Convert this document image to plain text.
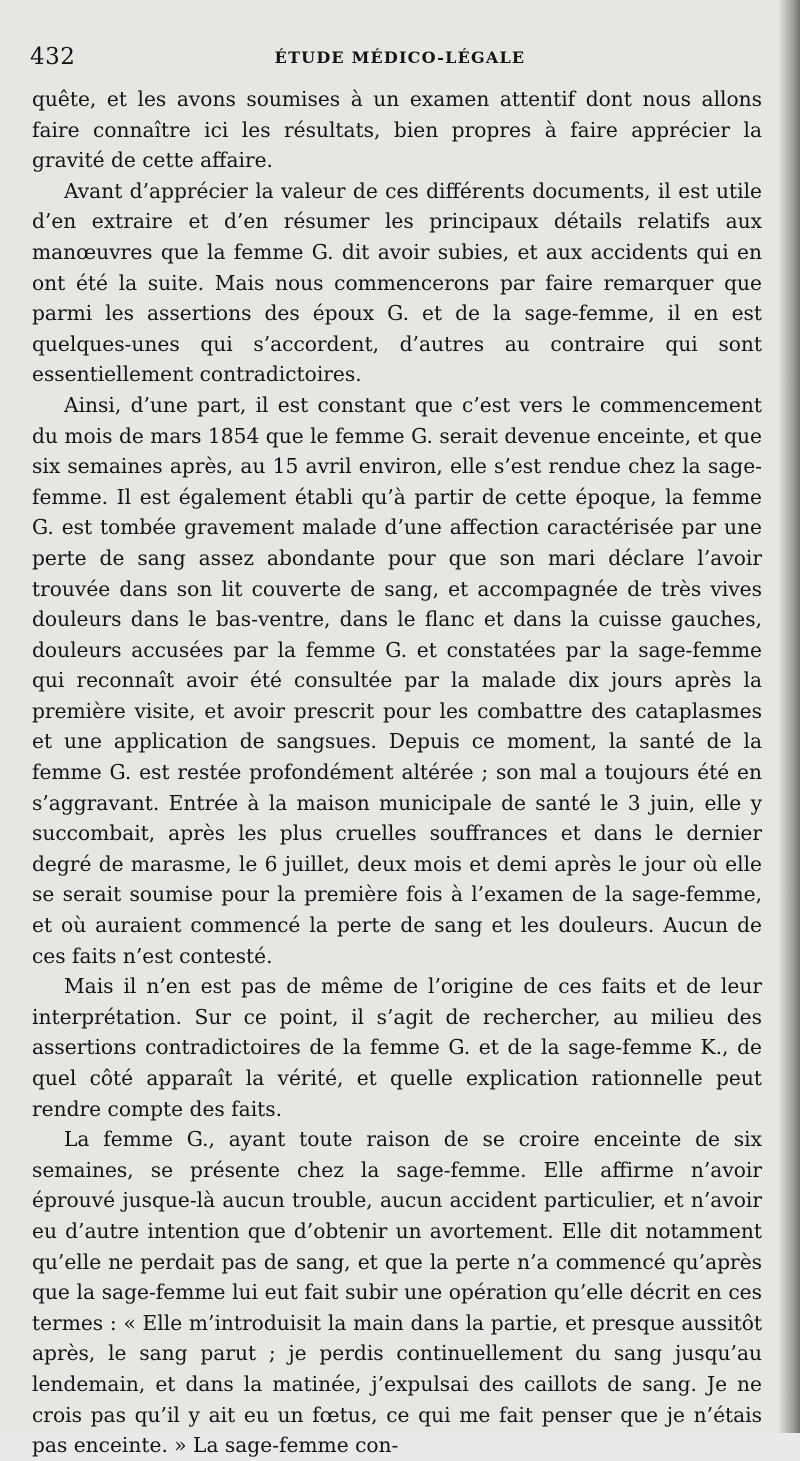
432	ÉTUDE MÉDICO-LÉGALE

quête, et les avons soumises à un examen attentif dont nous allons faire connaître ici les résultats, bien propres à faire apprécier la gravité de cette affaire.

Avant d’apprécier la valeur de ces différents documents, il est utile d’en extraire et d’en résumer les principaux détails relatifs aux manœuvres que la femme G. dit avoir subies, et aux accidents qui en ont été la suite. Mais nous commencerons par faire remarquer que parmi les assertions des époux G. et de la sage-femme, il en est quelques-unes qui s’accordent, d’autres au contraire qui sont essentiellement contradictoires.

Ainsi, d’une part, il est constant que c’est vers le commencement du mois de mars 1854 que le femme G. serait devenue enceinte, et que six semaines après, au 15 avril environ, elle s’est rendue chez la sage-femme. Il est également établi qu’à partir de cette époque, la femme G. est tombée gravement malade d’une affection caractérisée par une perte de sang assez abondante pour que son mari déclare l’avoir trouvée dans son lit couverte de sang, et accompagnée de très vives douleurs dans le bas-ventre, dans le flanc et dans la cuisse gauches, douleurs accusées par la femme G. et constatées par la sage-femme qui reconnaît avoir été consultée par la malade dix jours après la première visite, et avoir prescrit pour les combattre des cataplasmes et une application de sangsues. Depuis ce moment, la santé de la femme G. est restée profondément altérée ; son mal a toujours été en s’aggravant. Entrée à la maison municipale de santé le 3 juin, elle y succombait, après les plus cruelles souffrances et dans le dernier degré de marasme, le 6 juillet, deux mois et demi après le jour où elle se serait soumise pour la première fois à l’examen de la sage-femme, et où auraient commencé la perte de sang et les douleurs. Aucun de ces faits n’est contesté.

Mais il n’en est pas de même de l’origine de ces faits et de leur interprétation. Sur ce point, il s’agit de rechercher, au milieu des assertions contradictoires de la femme G. et de la sage-femme K., de quel côté apparaît la vérité, et quelle explication rationnelle peut rendre compte des faits.

La femme G., ayant toute raison de se croire enceinte de six semaines, se présente chez la sage-femme. Elle affirme n’avoir éprouvé jusque-là aucun trouble, aucun accident particulier, et n’avoir eu d’autre intention que d’obtenir un avortement. Elle dit notamment qu’elle ne perdait pas de sang, et que la perte n’a commencé qu’après que la sage-femme lui eut fait subir une opération qu’elle décrit en ces termes : « Elle m’introduisit la main dans la partie, et presque aussitôt après, le sang parut ; je perdis continuellement du sang jusqu’au lendemain, et dans la matinée, j’expulsai des caillots de sang. Je ne crois pas qu’il y ait eu un fœtus, ce qui me fait penser que je n’étais pas enceinte. » La sage-femme con-
